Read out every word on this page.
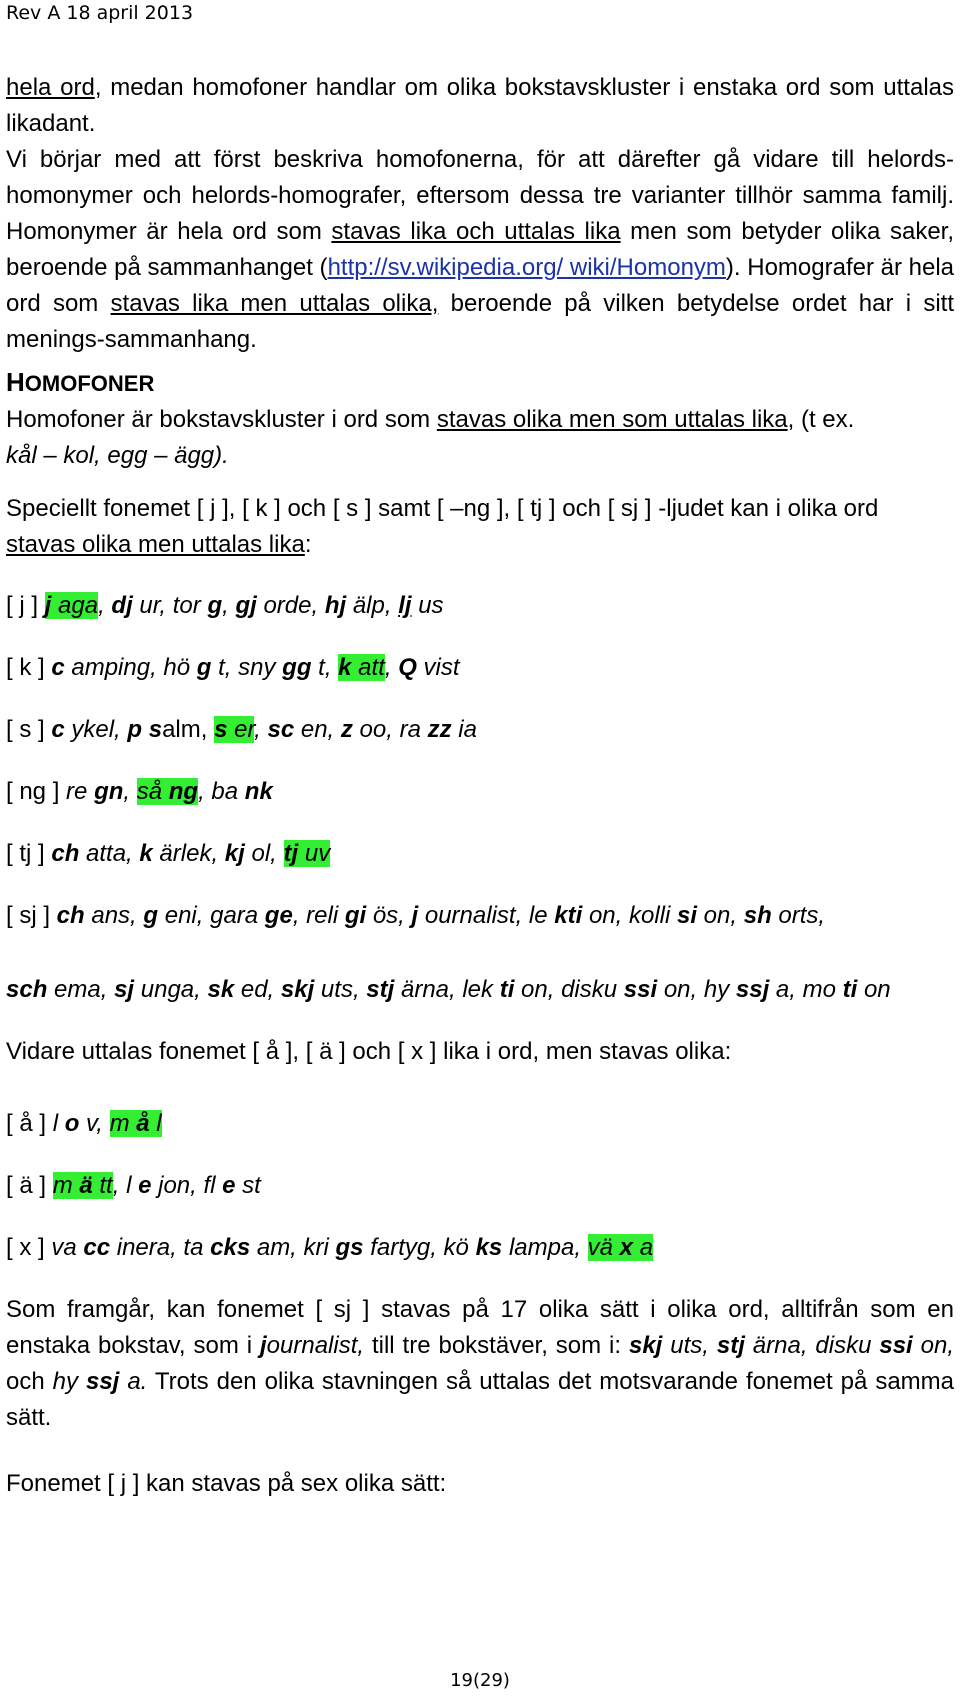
Rev A 18 april 2013

hela ord, medan homofoner handlar om olika bokstavskluster i enstaka ord som uttalas likadant.

Vi börjar med att först beskriva homofonerna, för att därefter gå vidare till helords-homonymer och helords-homografer, eftersom dessa tre varianter tillhör samma familj. Homonymer är hela ord som stavas lika och uttalas lika men som betyder olika saker, beroende på sammanhanget (http://sv.wikipedia.org/ wiki/Homonym). Homografer är hela ord som stavas lika men uttalas olika, beroende på vilken betydelse ordet har i sitt menings-sammanhang.

HOMOFONER

Homofoner är bokstavskluster i ord som stavas olika men som uttalas lika, (t ex.
kål – kol, egg – ägg).

Speciellt fonemet [ j ], [ k ] och [ s ] samt [ –ng ], [ tj ] och [ sj ] -ljudet kan i olika ord stavas olika men uttalas lika:

[ j ] j aga, dj ur, tor g, gj orde, hj älp, lj us

[ k ] c amping, hö g t, sny gg t, k att, Q vist

[ s ] c ykel, p salm, s er, sc en, z oo, ra zz ia

[ ng ] re gn, så ng, ba nk

[ tj ] ch atta, k ärlek, kj ol, tj uv

[ sj ] ch ans, g eni, gara ge, reli gi ös, j ournalist, le kti on, kolli si on, sh orts,

sch ema, sj unga, sk ed, skj uts, stj ärna, lek ti on, disku ssi on, hy ssj a, mo ti on

Vidare uttalas fonemet [ å ], [ ä ] och [ x ] lika i ord, men stavas olika:

[ å ] l o v, m å l

[ ä ] m ä tt, l e jon, fl e st

[ x ] va cc inera, ta cks am, kri gs fartyg, kö ks lampa, vä x a

Som framgår, kan fonemet [ sj ] stavas på 17 olika sätt i olika ord, alltifrån som en enstaka bokstav, som i journalist, till tre bokstäver, som i: skj uts, stj ärna, disku ssi on, och hy ssj a. Trots den olika stavningen så uttalas det motsvarande fonemet på samma sätt.

Fonemet [ j ] kan stavas på sex olika sätt:

19(29)
